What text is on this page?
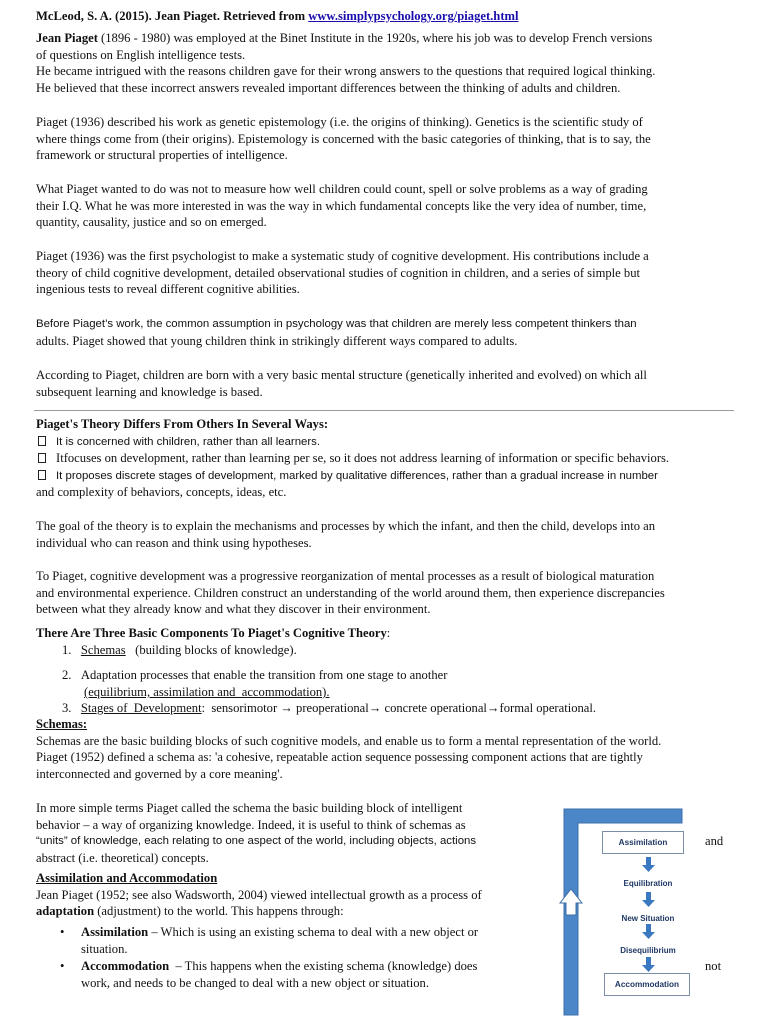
McLeod, S. A. (2015). Jean Piaget. Retrieved from www.simplypsychology.org/piaget.html
Jean Piaget (1896 - 1980) was employed at the Binet Institute in the 1920s, where his job was to develop French versions
of questions on English intelligence tests.
He became intrigued with the reasons children gave for their wrong answers to the questions that required logical thinking.
He believed that these incorrect answers revealed important differences between the thinking of adults and children.
Piaget (1936) described his work as genetic epistemology (i.e. the origins of thinking). Genetics is the scientific study of
where things come from (their origins). Epistemology is concerned with the basic categories of thinking, that is to say, the
framework or structural properties of intelligence.
What Piaget wanted to do was not to measure how well children could count, spell or solve problems as a way of grading
their I.Q. What he was more interested in was the way in which fundamental concepts like the very idea of number, time,
quantity, causality, justice and so on emerged.
Piaget (1936) was the first psychologist to make a systematic study of cognitive development. His contributions include a
theory of child cognitive development, detailed observational studies of cognition in children, and a series of simple but
ingenious tests to reveal different cognitive abilities.
Before Piaget’s work, the common assumption in psychology was that children are merely less competent thinkers than
adults. Piaget showed that young children think in strikingly different ways compared to adults.
According to Piaget, children are born with a very basic mental structure (genetically inherited and evolved) on which all
subsequent learning and knowledge is based.
Piaget's Theory Differs From Others In Several Ways:
It is concerned with children, rather than all learners.
Itfocuses on development, rather than learning per se, so it does not address learning of information or specific behaviors.
It proposes discrete stages of development, marked by qualitative differences, rather than a gradual increase in number
and complexity of behaviors, concepts, ideas, etc.
The goal of the theory is to explain the mechanisms and processes by which the infant, and then the child, develops into an
individual who can reason and think using hypotheses.
To Piaget, cognitive development was a progressive reorganization of mental processes as a result of biological maturation
and environmental experience. Children construct an understanding of the world around them, then experience discrepancies
between what they already know and what they discover in their environment.
There Are Three Basic Components To Piaget's Cognitive Theory:
1. Schemas   (building blocks of knowledge).
2. Adaptation processes that enable the transition from one stage to another
(equilibrium, assimilation and  accommodation).
3. Stages of  Development:  sensorimotor → preoperational→ concrete operational→formal operational.
Schemas:
Schemas are the basic building blocks of such cognitive models, and enable us to form a mental representation of the world.
Piaget (1952) defined a schema as: 'a cohesive, repeatable action sequence possessing component actions that are tightly
interconnected and governed by a core meaning'.
In more simple terms Piaget called the schema the basic building block of intelligent
behavior – a way of organizing knowledge. Indeed, it is useful to think of schemas as
“units” of knowledge, each relating to one aspect of the world, including objects, actions
abstract (i.e. theoretical) concepts.
and
Assimilation and Accommodation
Jean Piaget (1952; see also Wadsworth, 2004) viewed intellectual growth as a process of
adaptation (adjustment) to the world. This happens through:
• Assimilation – Which is using an existing schema to deal with a new object or
situation.
• Accommodation  – This happens when the existing schema (knowledge) does
work, and needs to be changed to deal with a new object or situation.
not
Assimilation
Equilibration
New Situation
Disequilibrium
Accommodation
